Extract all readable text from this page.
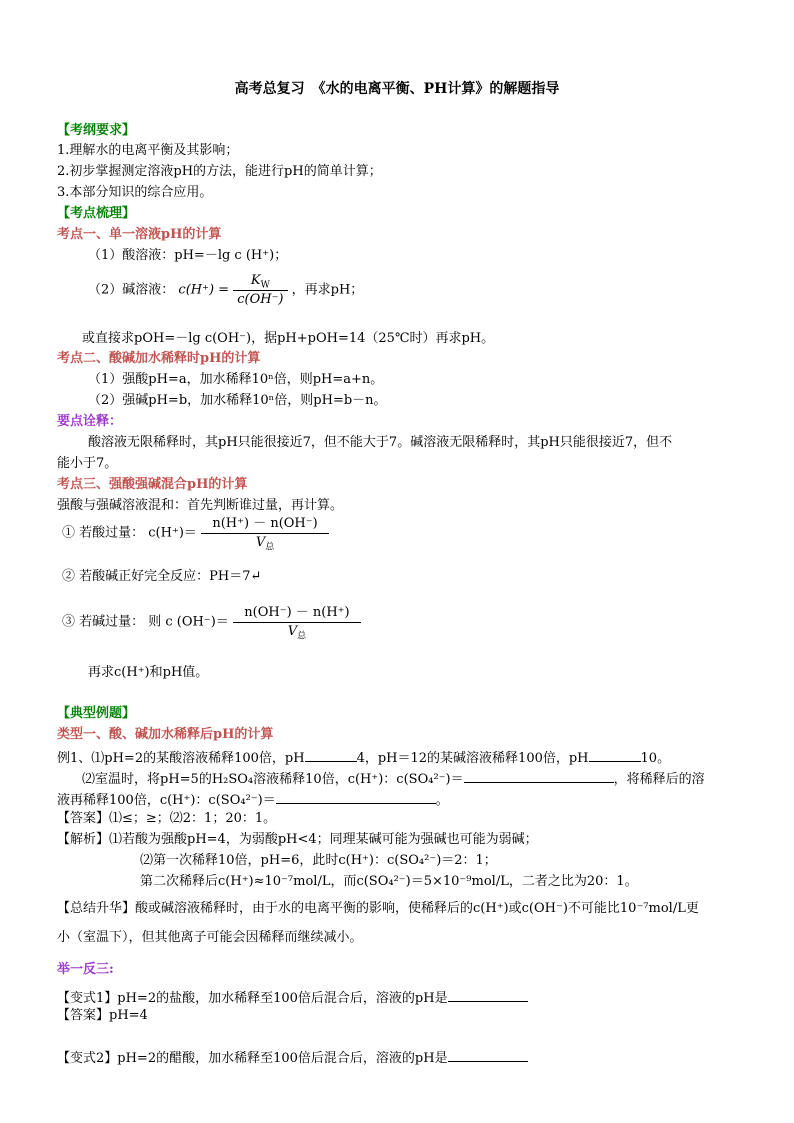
高考总复习　《水的电离平衡、PH计算》的解题指导
【考纲要求】
1.理解水的电离平衡及其影响；
2.初步掌握测定溶液pH的方法，能进行pH的简单计算；
3.本部分知识的综合应用。
【考点梳理】
考点一、单一溶液pH的计算
（1）酸溶液：pH=－lg c (H⁺)；
（2）碱溶液： $c(H^+) = \frac{K_W}{c(OH^-)}$ ，再求pH；
或直接求pOH=－lg c(OH⁻)，据pH+pOH=14（25℃时）再求pH。
考点二、酸碱加水稀释时pH的计算
（1）强酸pH=a，加水稀释10ⁿ倍，则pH=a+n。
（2）强碱pH=b，加水稀释10ⁿ倍，则pH=b－n。
要点诠释：
酸溶液无限稀释时，其pH只能很接近7，但不能大于7。碱溶液无限稀释时，其pH只能很接近7，但不
能小于7。
考点三、强酸强碱混合pH的计算
强酸与强碱溶液混和：首先判断谁过量，再计算。
① 若酸过量： $c(H^+)= \frac{n(H^+) - n(OH^-)}{V_总}$
② 若酸碱正好完全反应：PH＝7↵
③ 若碱过量： 则 c $(OH^-)= \frac{n(OH^-) - n(H^+)}{V_总}$
再求c(H⁺)和pH值。
【典型例题】
类型一、酸、碱加水稀释后pH的计算
例1、⑴pH=2的某酸溶液稀释100倍，pH	4，pH＝12的某碱溶液稀释100倍，pH	10。
⑵室温时，将pH=5的H₂SO₄溶液稀释10倍，c(H⁺)：c(SO₄²⁻)＝	，将稀释后的溶
液再稀释100倍，c(H⁺)：c(SO₄²⁻)＝	。
【答案】⑴≤；≥；⑵2：1；20：1。
【解析】⑴若酸为强酸pH=4，为弱酸pH<4；同理某碱可能为强碱也可能为弱碱；
⑵第一次稀释10倍，pH=6，此时c(H⁺)：c(SO₄²⁻)＝2：1；
第二次稀释后c(H⁺)≈10⁻⁷mol/L，而c(SO₄²⁻)＝5×10⁻⁹mol/L，二者之比为20：1。
【总结升华】酸或碱溶液稀释时，由于水的电离平衡的影响，使稀释后的c(H⁺)或c(OH⁻)不可能比10⁻⁷mol/L更
小（室温下），但其他离子可能会因稀释而继续减小。
举一反三:
【变式1】pH=2的盐酸，加水稀释至100倍后混合后，溶液的pH是
【答案】pH=4
【变式2】pH=2的醋酸，加水稀释至100倍后混合后，溶液的pH是
